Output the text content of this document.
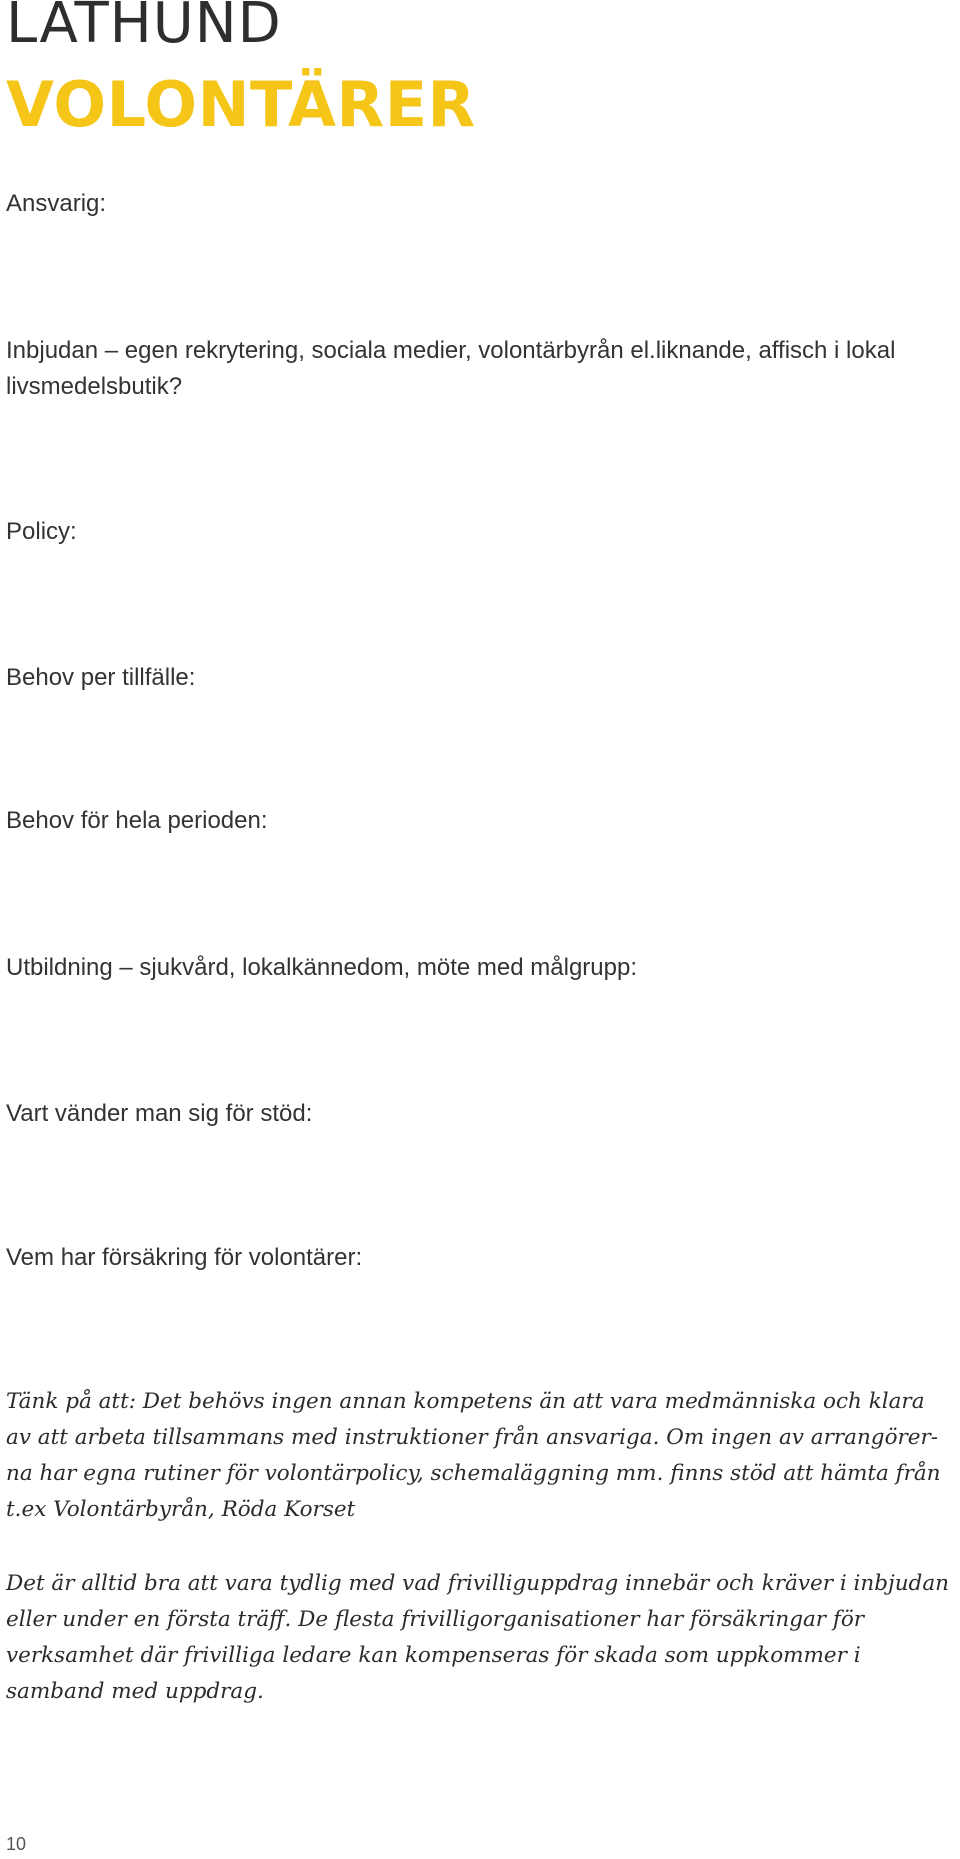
LATHUND
VOLONTÄRER

Ansvarig:

Inbjudan – egen rekrytering, sociala medier, volontärbyrån el.liknande, affisch i lokal livsmedelsbutik?

Policy:

Behov per tillfälle:

Behov för hela perioden:

Utbildning – sjukvård, lokalkännedom, möte med målgrupp:

Vart vänder man sig för stöd:

Vem har försäkring för volontärer:

Tänk på att: Det behövs ingen annan kompetens än att vara medmänniska och klara av att arbeta tillsammans med instruktioner från ansvariga. Om ingen av arrangörerna har egna rutiner för volontärpolicy, schemaläggning mm. finns stöd att hämta från t.ex Volontärbyrån, Röda Korset

Det är alltid bra att vara tydlig med vad frivilliguppdrag innebär och kräver i inbjudan eller under en första träff. De flesta frivilligorganisationer har försäkringar för verksamhet där frivilliga ledare kan kompenseras för skada som uppkommer i samband med uppdrag.

10
